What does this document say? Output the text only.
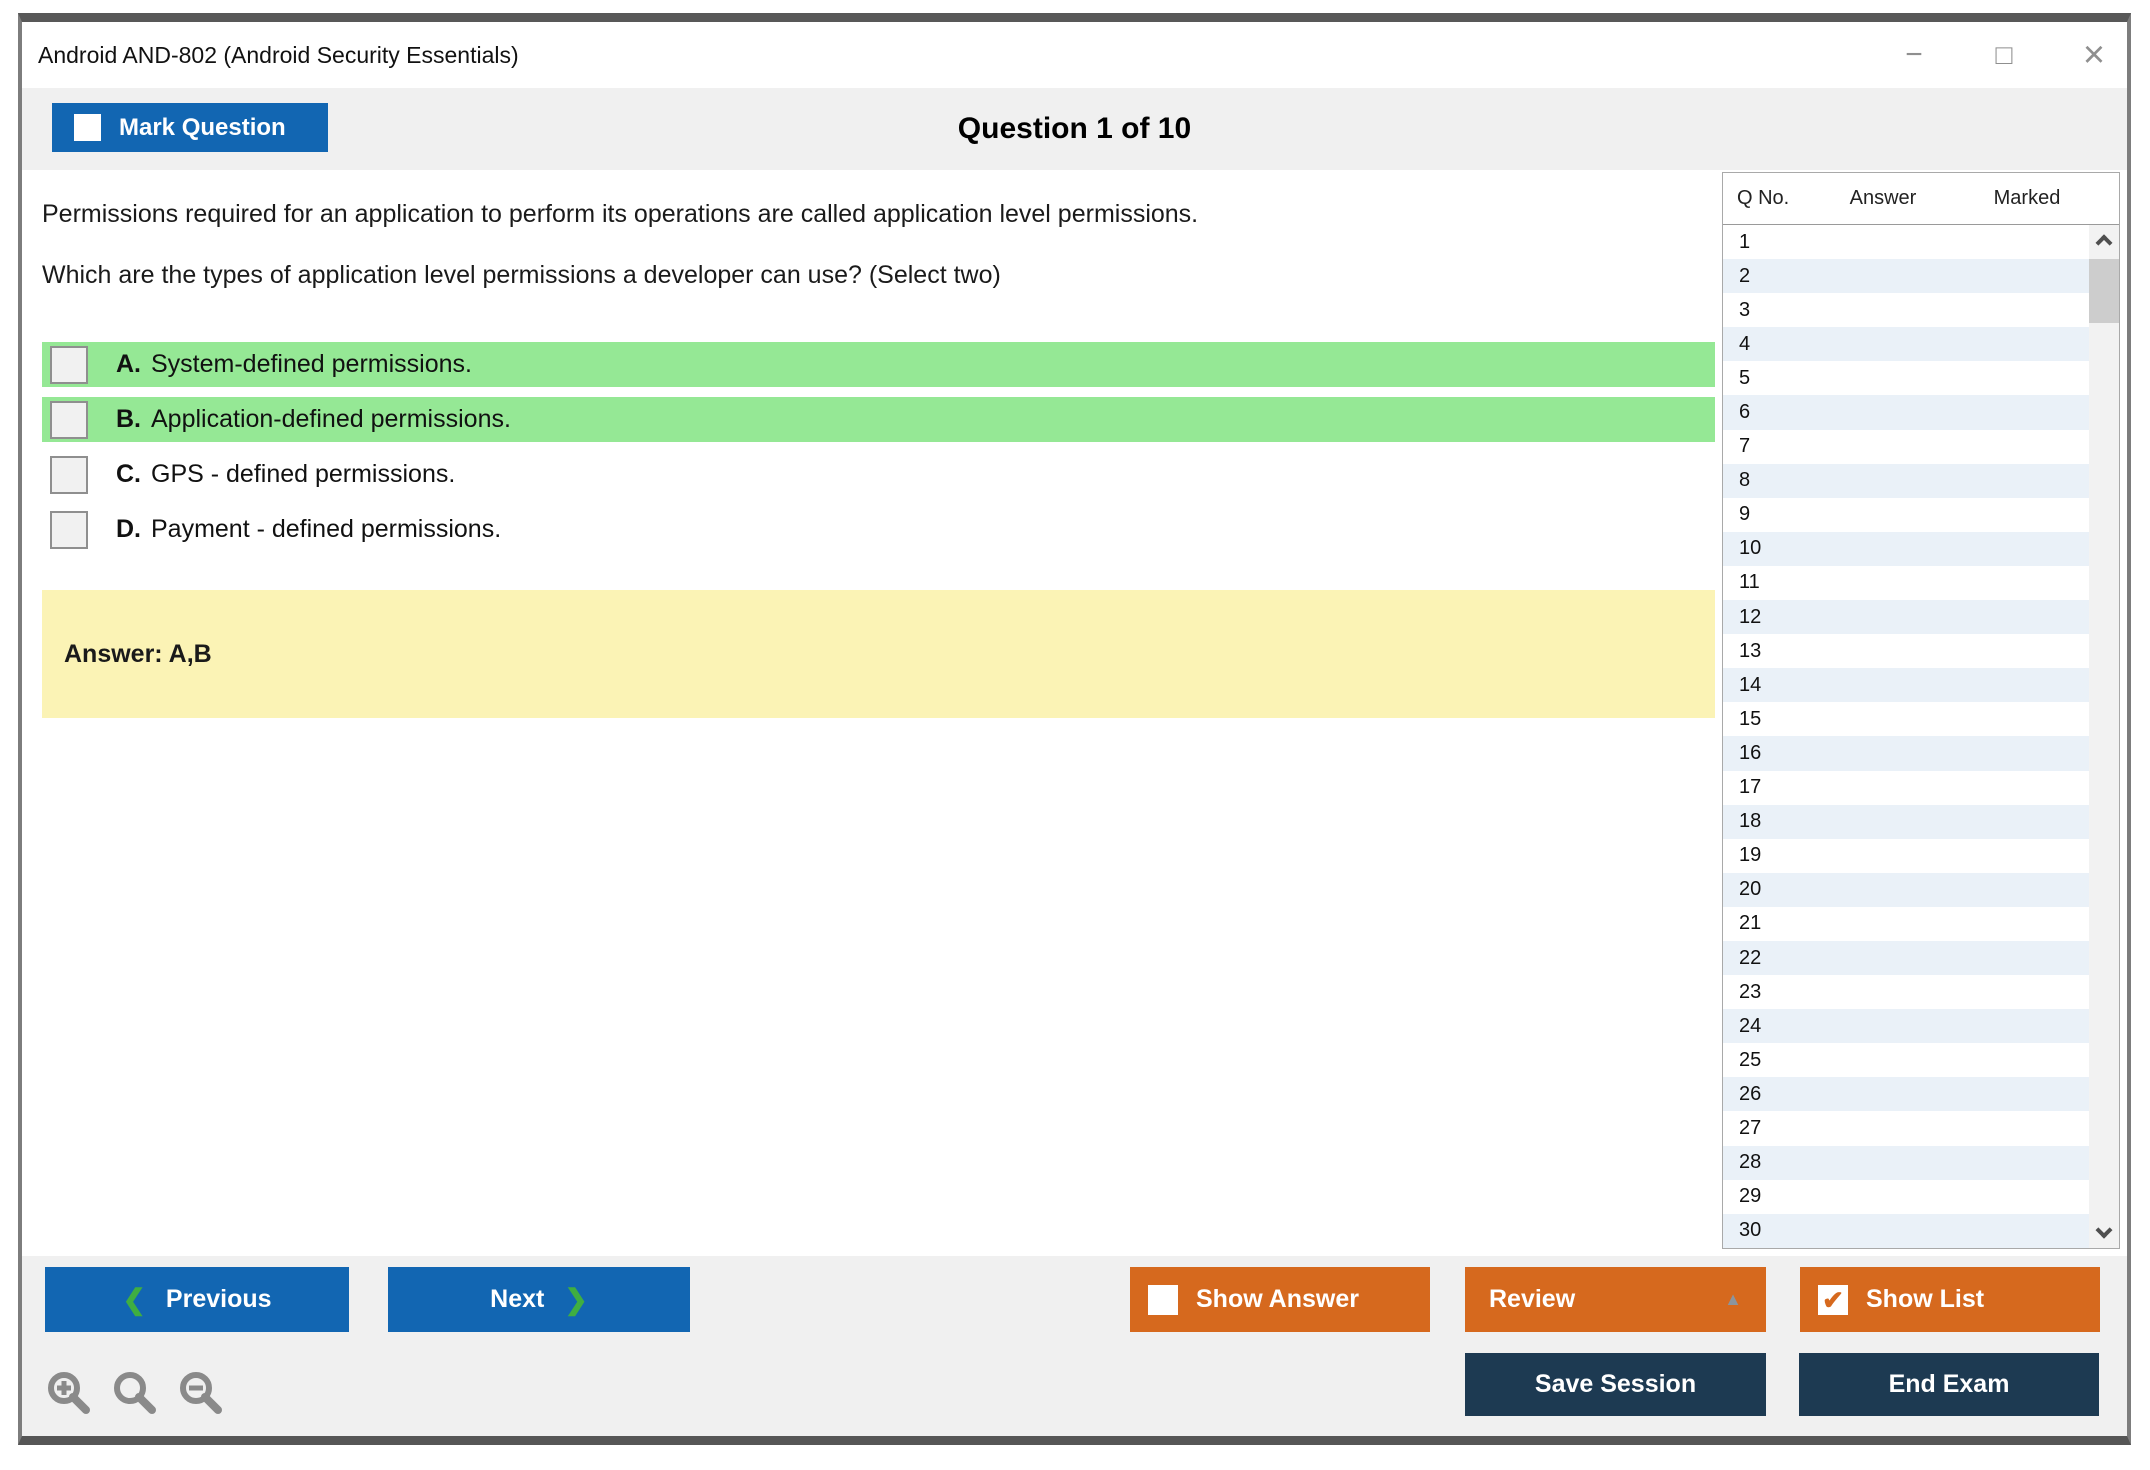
Android AND-802 (Android Security Essentials)	−	□ ×
Mark Question	Question 1 of 10
Permissions required for an application to perform its operations are called application level permissions.
Which are the types of application level permissions a developer can use? (Select two)
A. System-defined permissions.
B. Application-defined permissions.
C. GPS - defined permissions.
D. Payment - defined permissions.
Answer: A,B
Q No.	Answer	Marked
1
2
3
4
5
6
7
8
9
10
11
12
13
14
15
16
17
18
19
20
21
22
23
24
25
26
27
28
29
30
❮ Previous	Next ❯	Show Answer	Review	▲	✔ Show List
Save Session	End Exam
